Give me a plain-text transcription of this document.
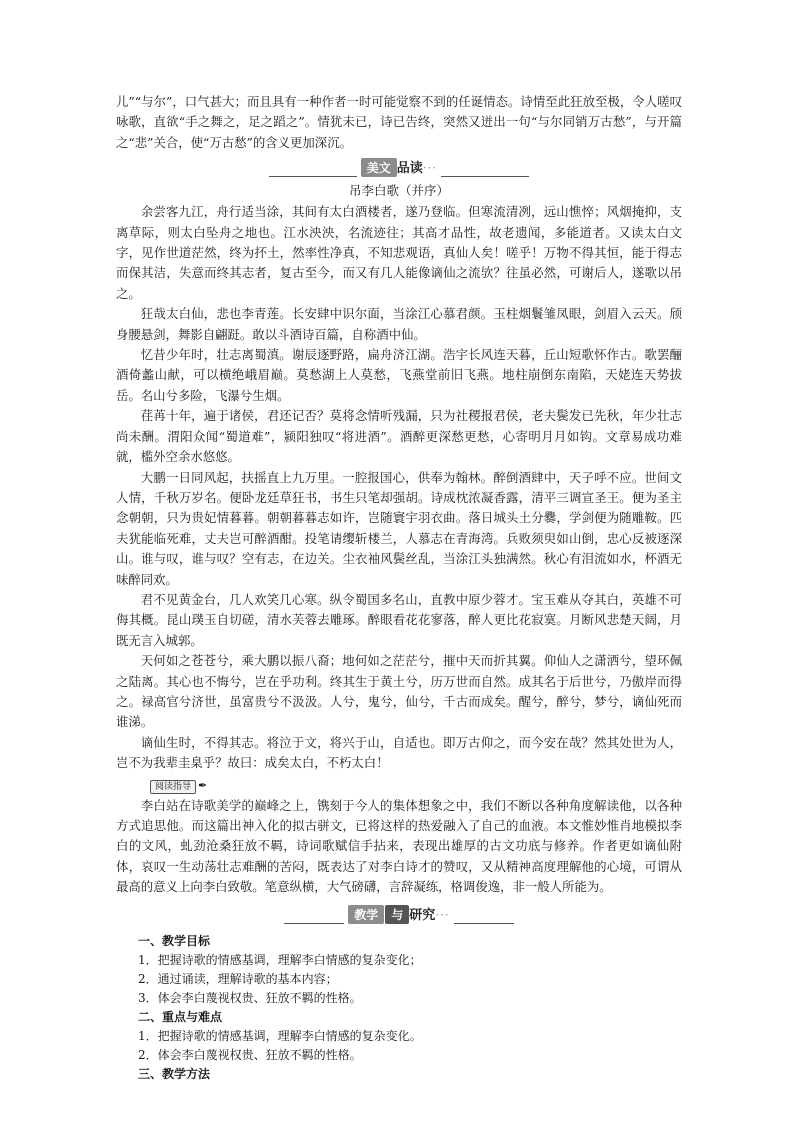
儿”“与尔”，口气甚大；而且具有一种作者一时可能觉察不到的任诞情态。诗情至此狂放至极，令人嗟叹咏歌，直欲“手之舞之，足之蹈之”。情犹未已，诗已告终，突然又迸出一句“与尔同销万古愁”，与开篇之“悲”关合，使“万古愁”的含义更加深沉。

美文 品读···
吊李白歌（并序）

余尝客九江，舟行适当涂，其间有太白酒楼者，遂乃登临。但寒流清冽，远山憔悴；风烟掩抑，支离草际，则太白坠舟之地也。江水泱泱，名流迹往；其高才品性，故老遗闻，多能道者。又读太白文字，见作世道茫然，终为抔土，然率性净真，不知悲观语，真仙人矣！嗟乎！万物不得其恒，能于得志而保其洁，失意而终其志者，复古至今，而又有几人能像谪仙之流欤？往虽必然，可谢后人，遂歌以吊之。

狂哉太白仙，悲也李青莲。长安肆中识尔面，当涂江心慕君颜。玉柱烟鬟雏凤眼，剑眉入云天。颀身腰悬剑，舞影自翩跹。敢以斗酒诗百篇，自称酒中仙。

忆昔少年时，壮志离蜀滇。谢辰逐野路，扁舟济江湖。浩宇长风连天暮，丘山短歌怀作古。歌罢酾酒倚蠡山献，可以横绝峨眉巅。莫愁湖上人莫愁，飞燕堂前旧飞燕。地柱崩倒东南陷，天姥连天势拔岳。名山兮多险，飞瀑兮生烟。

荏苒十年，遍于诸侯，君还记否？莫将念情听残漏，只为社稷报君侯，老夫鬓发已先秋，年少壮志尚未酬。渭阳众闻“蜀道难”，颍阳独叹“将进酒”。酒醉更深愁更愁，心寄明月月如钩。文章易成功难就，槛外空余水悠悠。

大鹏一日同风起，扶摇直上九万里。一腔报国心，供奉为翰林。醉倒酒肆中，天子呼不应。世间文人情，千秋万岁名。便卧龙廷草狂书，书生只笔却强胡。诗成枕浓凝香露，清平三调宣圣王。便为圣主念朝朝，只为贵妃情暮暮。朝朝暮暮志如许，岂随寰宇羽衣曲。落日城头土分爨，学剑便为随雕鞍。匹夫犹能临死难，丈夫岂可醉酒酣。投笔请缨斩楼兰，人慕志在青海湾。兵败须臾如山倒，忠心反被逐深山。谁与叹，谁与叹？空有志，在边关。尘衣袖风鬓丝乱，当涂江头独满然。秋心有泪流如水，杯酒无味醉同欢。

君不见黄金台，几人欢笑几心寒。纵令蜀国多名山，直教中原少蓉才。宝玉难从夺其白，英雄不可侮其概。昆山璞玉自切磋，清水芙蓉去雕琢。醉眼看花花寥落，醉人更比花寂寞。月断风悲楚天阔，月既无言入城郭。

天何如之苍苍兮，乘大鹏以振八裔；地何如之茫茫兮，摧中天而折其翼。仰仙人之潇洒兮，望环佩之陆离。其心也不悔兮，岂在乎功利。终其生于黄土兮，历万世而自然。成其名于后世兮，乃傲岸而得之。禄高官兮济世，虽富贵兮不汲汲。人兮，鬼兮，仙兮，千古而成矣。醒兮，醉兮，梦兮，谪仙死而谁涕。

谪仙生时，不得其志。将泣于文，将兴于山，自适也。即万古仰之，而今安在哉？然其处世为人，岂不为我辈圭臬乎？故曰：成矣太白，不朽太白！

阅读指导 ✒

李白站在诗歌美学的巅峰之上，镌刻于今人的集体想象之中，我们不断以各种角度解读他，以各种方式追思他。而这篇出神入化的拟古骈文，已将这样的热爱融入了自己的血液。本文惟妙惟肖地模拟李白的文风，虬劲沧桑狂放不羁，诗词歌赋信手拈来，表现出雄厚的古文功底与修养。作者更如谪仙附体，哀叹一生动荡壮志难酬的苦闷，既表达了对李白诗才的赞叹，又从精神高度理解他的心境，可谓从最高的意义上向李白致敬。笔意纵横，大气磅礴，言辞凝练，格调俊逸，非一般人所能为。

教学 与 研究···
一、教学目标
1．把握诗歌的情感基调，理解李白情感的复杂变化；
2．通过诵读，理解诗歌的基本内容；
3．体会李白蔑视权贵、狂放不羁的性格。
二、重点与难点
1．把握诗歌的情感基调，理解李白情感的复杂变化。
2．体会李白蔑视权贵、狂放不羁的性格。
三、教学方法
